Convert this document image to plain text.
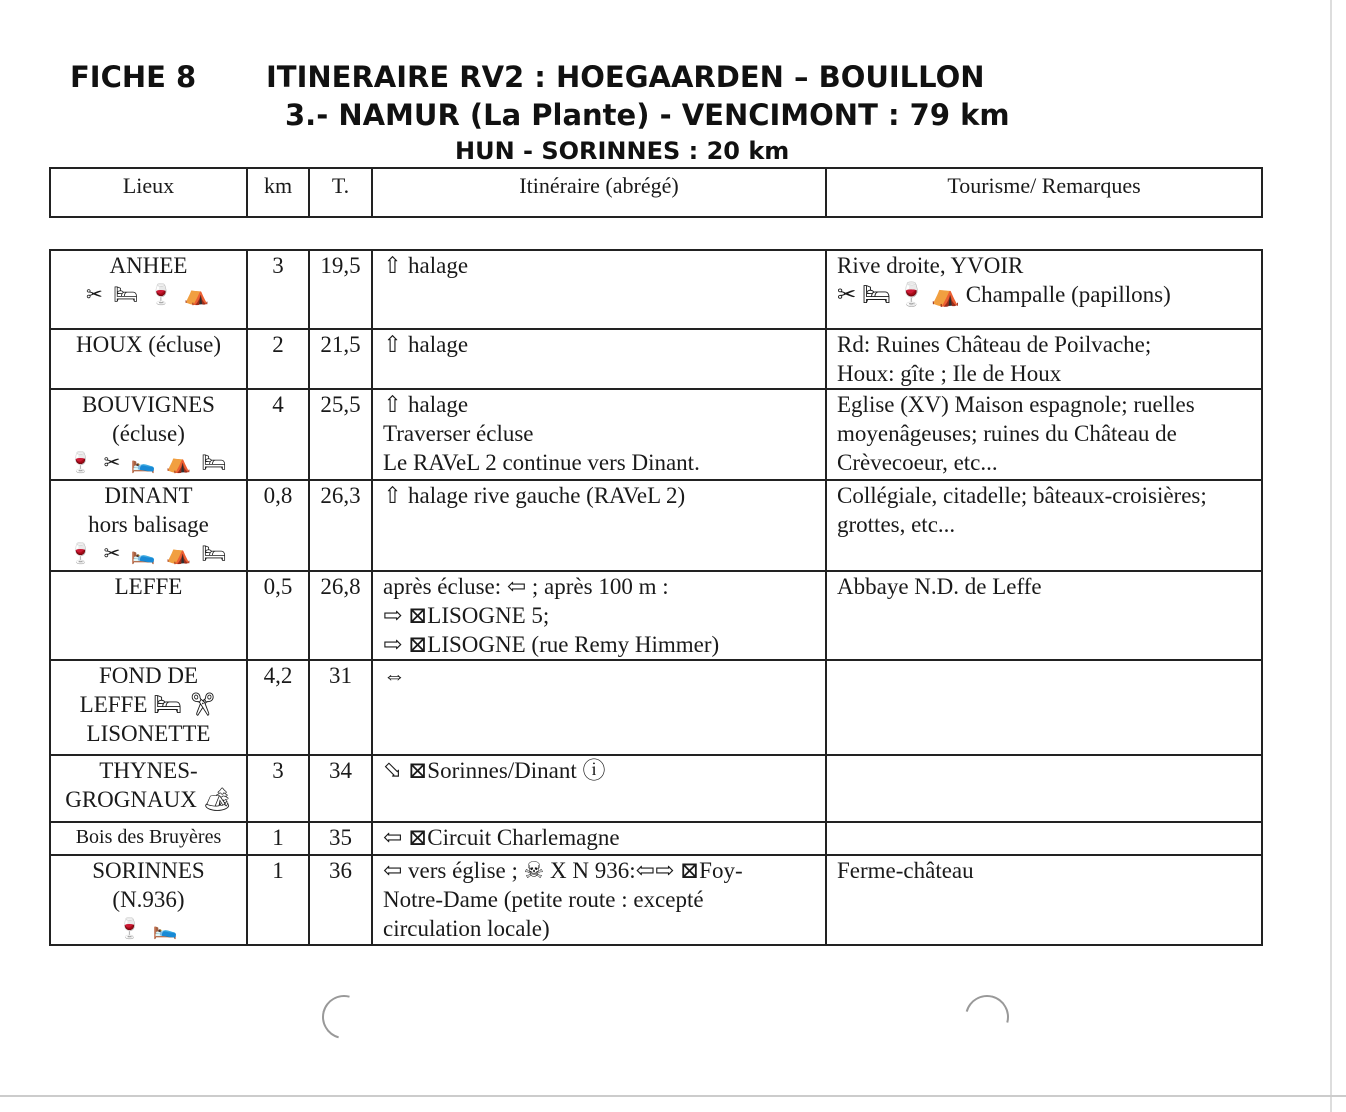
FICHE 8 ITINERAIRE RV2 : HOEGAARDEN – BOUILLON
3.- NAMUR (La Plante) - VENCIMONT : 79 km
HUN - SORINNES : 20 km
Lieux	km	T.	Itinéraire (abrégé)	Tourisme/ Remarques
ANHEE
✂ 🛏 🍷 ⛺	3	19,5	⇧ halage	Rive droite, YVOIR
✂ 🛏 🍷 ⛺ Champalle (papillons)

HOUX (écluse)	2	21,5	⇧ halage	Rd: Ruines Château de Poilvache;
Houx: gîte ; Ile de Houx

BOUVIGNES
(écluse)
🍷 ✂ 🛌 ⛺ 🛏	4	25,5	⇧ halage
Traverser écluse
Le RAVeL 2 continue vers Dinant.	Eglise (XV) Maison espagnole; ruelles
moyenâgeuses; ruines du Château de
Crèvecoeur, etc...

DINANT
hors balisage
🍷 ✂ 🛌 ⛺ 🛏	0,8	26,3	⇧ halage rive gauche (RAVeL 2)	Collégiale, citadelle; bâteaux-croisières;
grottes, etc...

LEFFE	0,5	26,8	après écluse: ⇦ ; après 100 m :
⇨ ⊠LISOGNE 5;
⇨ ⊠LISOGNE (rue Remy Himmer)	Abbaye N.D. de Leffe

FOND DE
LEFFE 🛏 ✂
LISONETTE	4,2	31	⇔	

THYNES-
GROGNAUX 🏕	3	34	⬂ ⊠Sorinnes/Dinant ⓘ	

Bois des Bruyères	1	35	⇦ ⊠Circuit Charlemagne	

SORINNES
(N.936)
🍷 🛌	1	36	⇦ vers église ; ☠ X N 936:⇦⇨ ⊠Foy-
Notre-Dame (petite route : excepté
circulation locale)	Ferme-château
